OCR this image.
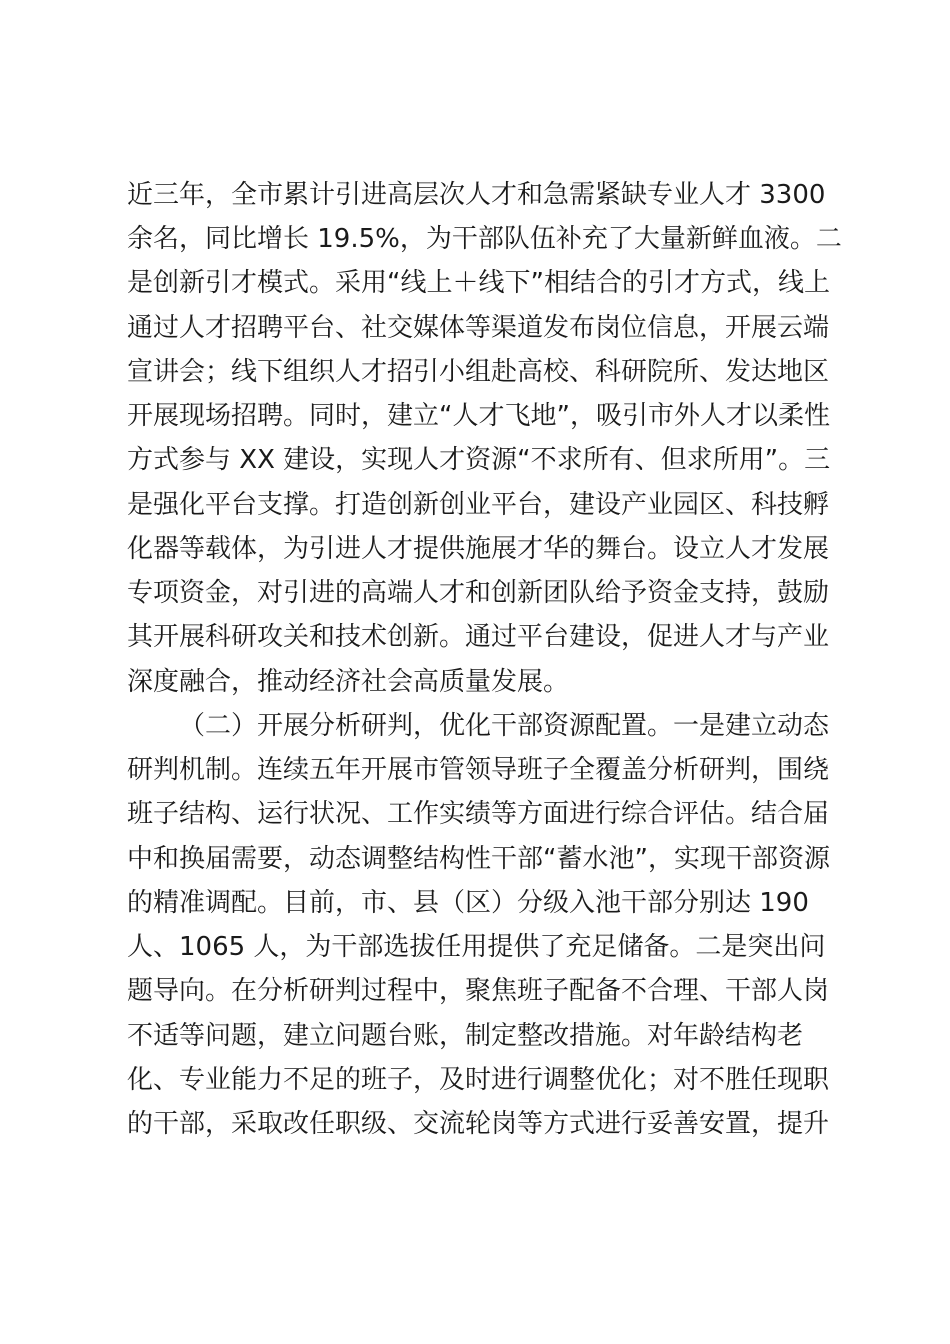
近三年，全市累计引进高层次人才和急需紧缺专业人才 3300
余名，同比增长 19.5%，为干部队伍补充了大量新鲜血液。二
是创新引才模式。采用“线上＋线下”相结合的引才方式，线上
通过人才招聘平台、社交媒体等渠道发布岗位信息，开展云端
宣讲会；线下组织人才招引小组赴高校、科研院所、发达地区
开展现场招聘。同时，建立“人才飞地”，吸引市外人才以柔性
方式参与 XX 建设，实现人才资源“不求所有、但求所用”。三
是强化平台支撑。打造创新创业平台，建设产业园区、科技孵
化器等载体，为引进人才提供施展才华的舞台。设立人才发展
专项资金，对引进的高端人才和创新团队给予资金支持，鼓励
其开展科研攻关和技术创新。通过平台建设，促进人才与产业
深度融合，推动经济社会高质量发展。
（二）开展分析研判，优化干部资源配置。一是建立动态
研判机制。连续五年开展市管领导班子全覆盖分析研判，围绕
班子结构、运行状况、工作实绩等方面进行综合评估。结合届
中和换届需要，动态调整结构性干部“蓄水池”，实现干部资源
的精准调配。目前，市、县（区）分级入池干部分别达 190
人、1065 人，为干部选拔任用提供了充足储备。二是突出问
题导向。在分析研判过程中，聚焦班子配备不合理、干部人岗
不适等问题，建立问题台账，制定整改措施。对年龄结构老
化、专业能力不足的班子，及时进行调整优化；对不胜任现职
的干部，采取改任职级、交流轮岗等方式进行妥善安置，提升
